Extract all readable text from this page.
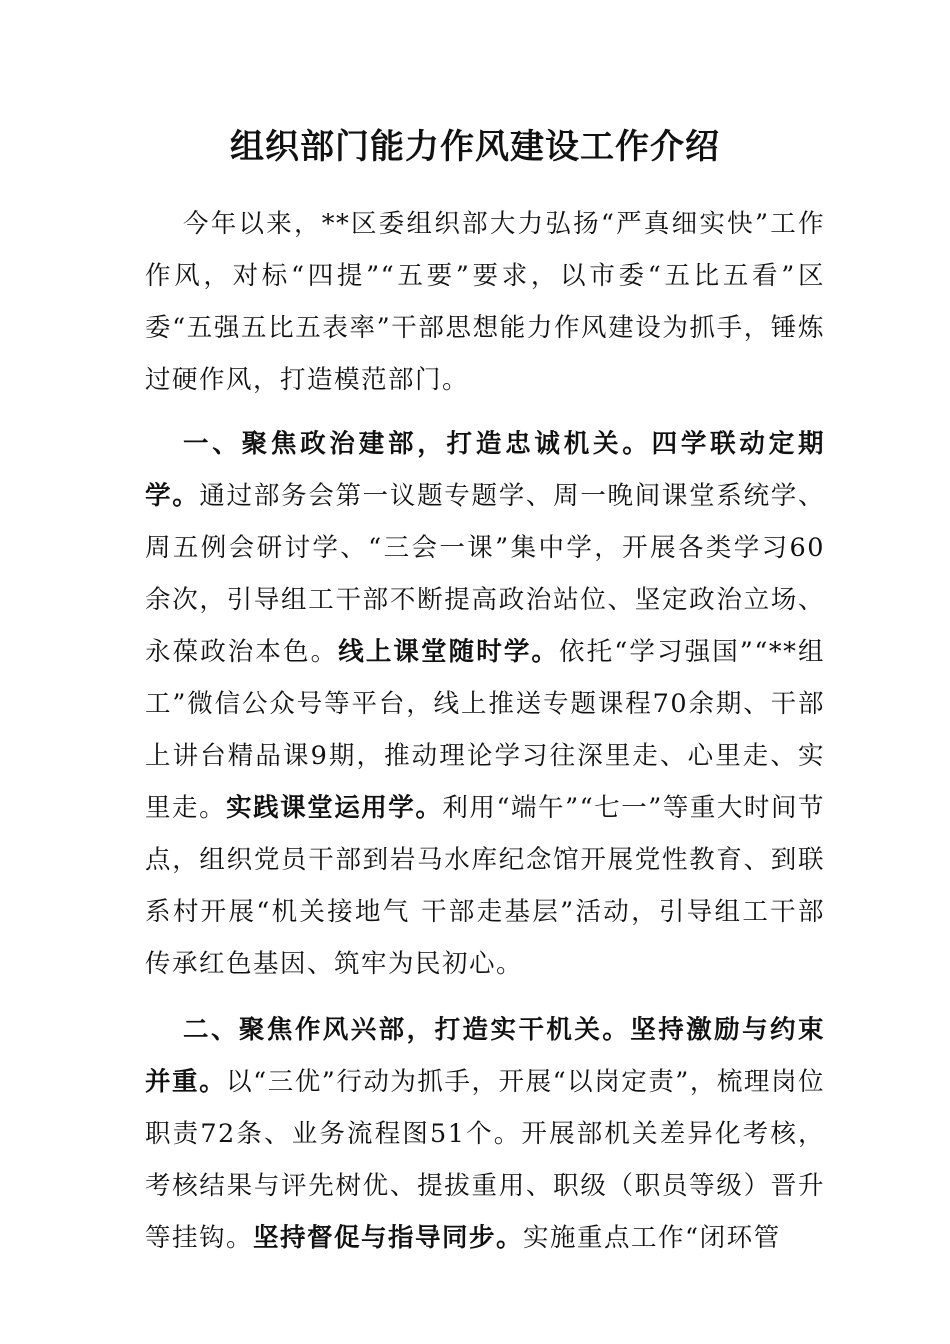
组织部门能力作风建设工作介绍

今年以来，**区委组织部大力弘扬“严真细实快”工作作风，对标“四提”“五要”要求，以市委“五比五看”区委“五强五比五表率”干部思想能力作风建设为抓手，锤炼过硬作风，打造模范部门。

一、聚焦政治建部，打造忠诚机关。四学联动定期学。通过部务会第一议题专题学、周一晚间课堂系统学、周五例会研讨学、“三会一课”集中学，开展各类学习60余次，引导组工干部不断提高政治站位、坚定政治立场、永葆政治本色。线上课堂随时学。依托“学习强国”“**组工”微信公众号等平台，线上推送专题课程70余期、干部上讲台精品课9期，推动理论学习往深里走、心里走、实里走。实践课堂运用学。利用“端午”“七一”等重大时间节点，组织党员干部到岩马水库纪念馆开展党性教育、到联系村开展“机关接地气 干部走基层”活动，引导组工干部传承红色基因、筑牢为民初心。

二、聚焦作风兴部，打造实干机关。坚持激励与约束并重。以“三优”行动为抓手，开展“以岗定责”，梳理岗位职责72条、业务流程图51个。开展部机关差异化考核，考核结果与评先树优、提拔重用、职级（职员等级）晋升等挂钩。坚持督促与指导同步。实施重点工作“闭环管
